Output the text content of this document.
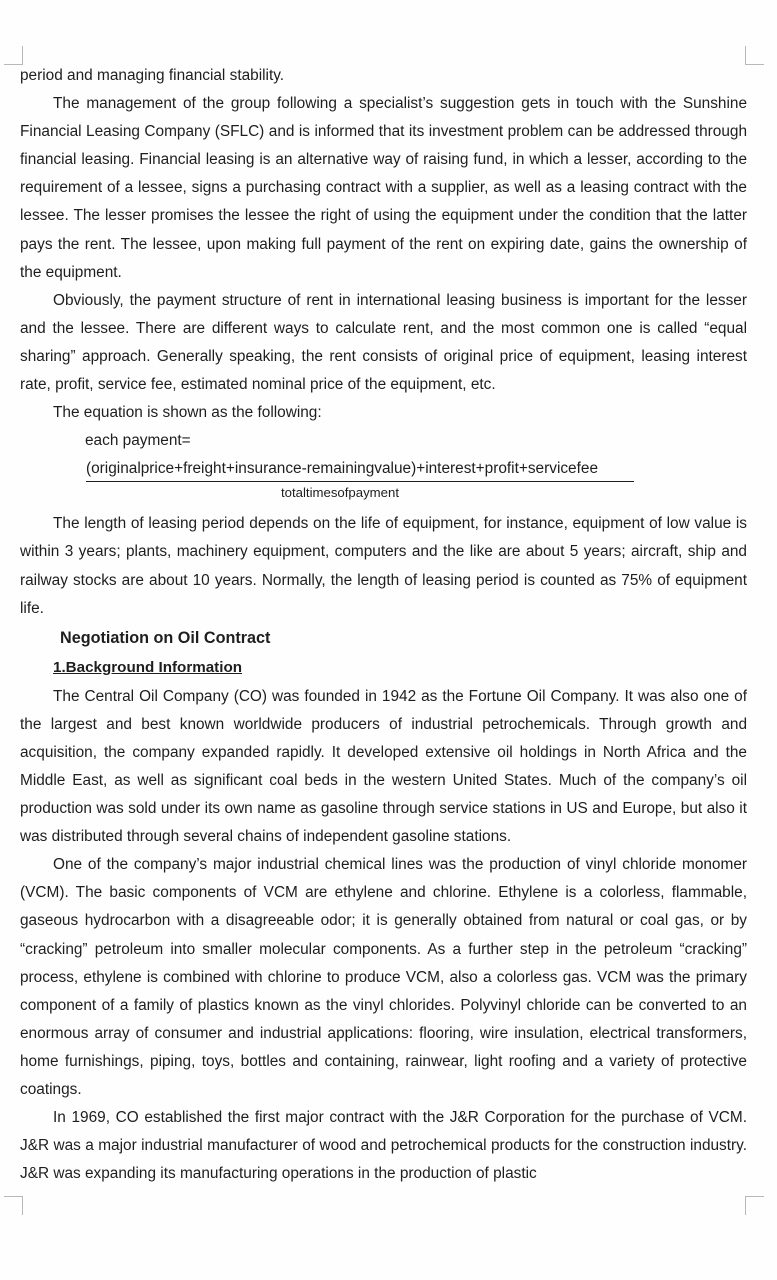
period and managing financial stability.

The management of the group following a specialist’s suggestion gets in touch with the Sunshine Financial Leasing Company (SFLC) and is informed that its investment problem can be addressed through financial leasing. Financial leasing is an alternative way of raising fund, in which a lesser, according to the requirement of a lessee, signs a purchasing contract with a supplier, as well as a leasing contract with the lessee. The lesser promises the lessee the right of using the equipment under the condition that the latter pays the rent. The lessee, upon making full payment of the rent on expiring date, gains the ownership of the equipment.

Obviously, the payment structure of rent in international leasing business is important for the lesser and the lessee. There are different ways to calculate rent, and the most common one is called “equal sharing” approach. Generally speaking, the rent consists of original price of equipment, leasing interest rate, profit, service fee, estimated nominal price of the equipment, etc.

The equation is shown as the following:

each payment=

(originalprice+freight+insurance-remainingvalue)+interest+profit+servicefee
totaltimesofpayment

The length of leasing period depends on the life of equipment, for instance, equipment of low value is within 3 years; plants, machinery equipment, computers and the like are about 5 years; aircraft, ship and railway stocks are about 10 years. Normally, the length of leasing period is counted as 75% of equipment life.

Negotiation on Oil Contract

1.Background Information

The Central Oil Company (CO) was founded in 1942 as the Fortune Oil Company. It was also one of the largest and best known worldwide producers of industrial petrochemicals. Through growth and acquisition, the company expanded rapidly. It developed extensive oil holdings in North Africa and the Middle East, as well as significant coal beds in the western United States. Much of the company’s oil production was sold under its own name as gasoline through service stations in US and Europe, but also it was distributed through several chains of independent gasoline stations.

One of the company’s major industrial chemical lines was the production of vinyl chloride monomer (VCM). The basic components of VCM are ethylene and chlorine. Ethylene is a colorless, flammable, gaseous hydrocarbon with a disagreeable odor; it is generally obtained from natural or coal gas, or by “cracking” petroleum into smaller molecular components. As a further step in the petroleum “cracking” process, ethylene is combined with chlorine to produce VCM, also a colorless gas. VCM was the primary component of a family of plastics known as the vinyl chlorides. Polyvinyl chloride can be converted to an enormous array of consumer and industrial applications: flooring, wire insulation, electrical transformers, home furnishings, piping, toys, bottles and containing, rainwear, light roofing and a variety of protective coatings.

In 1969, CO established the first major contract with the J&R Corporation for the purchase of VCM. J&R was a major industrial manufacturer of wood and petrochemical products for the construction industry. J&R was expanding its manufacturing operations in the production of plastic
